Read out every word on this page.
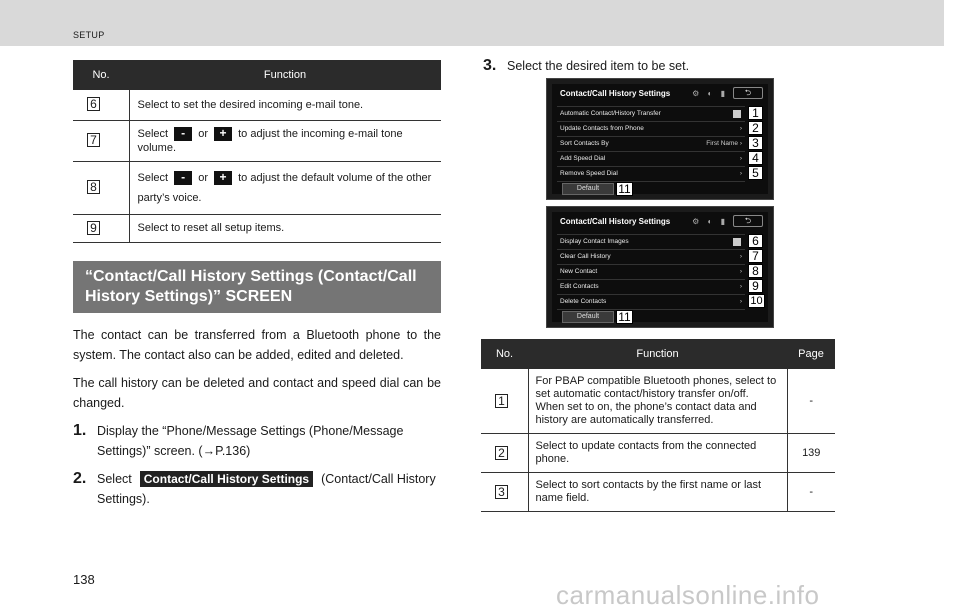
SETUP
No.	Function
6	Select to set the desired incoming e-mail tone.
7	Select - or + to adjust the incoming e-mail tone volume.
8	Select - or + to adjust the default volume of the other party’s voice.
9	Select to reset all setup items.
“Contact/Call History Settings (Contact/Call History Settings)” SCREEN

The contact can be transferred from a Bluetooth phone to the system. The contact also can be added, edited and deleted.

The call history can be deleted and contact and speed dial can be changed.

1. Display the “Phone/Message Settings (Phone/Message Settings)” screen. (→P.136)
2. Select Contact/Call History Settings (Contact/Call History Settings).
138
3. Select the desired item to be set.
Contact/Call History Settings	⚙ ◐ ▮	⮌
Automatic Contact/History Transfer
Update Contacts from Phone	›
Sort Contacts By	First Name ›
Add Speed Dial	›
Remove Speed Dial	›
1
2
3
4
5
Default	11
Contact/Call History Settings	⚙ ◐ ▮	⮌
Display Contact Images
Clear Call History	›
New Contact	›
Edit Contacts	›
Delete Contacts	›
6
7
8
9
10
Default	11
No.	Function	Page
1	For PBAP compatible Bluetooth phones, select to set automatic contact/history transfer on/off. When set to on, the phone’s contact data and history are automatically transferred.	-
2	Select to update contacts from the connected phone.	139
3	Select to sort contacts by the first name or last name field.	-
carmanualsonline.info
